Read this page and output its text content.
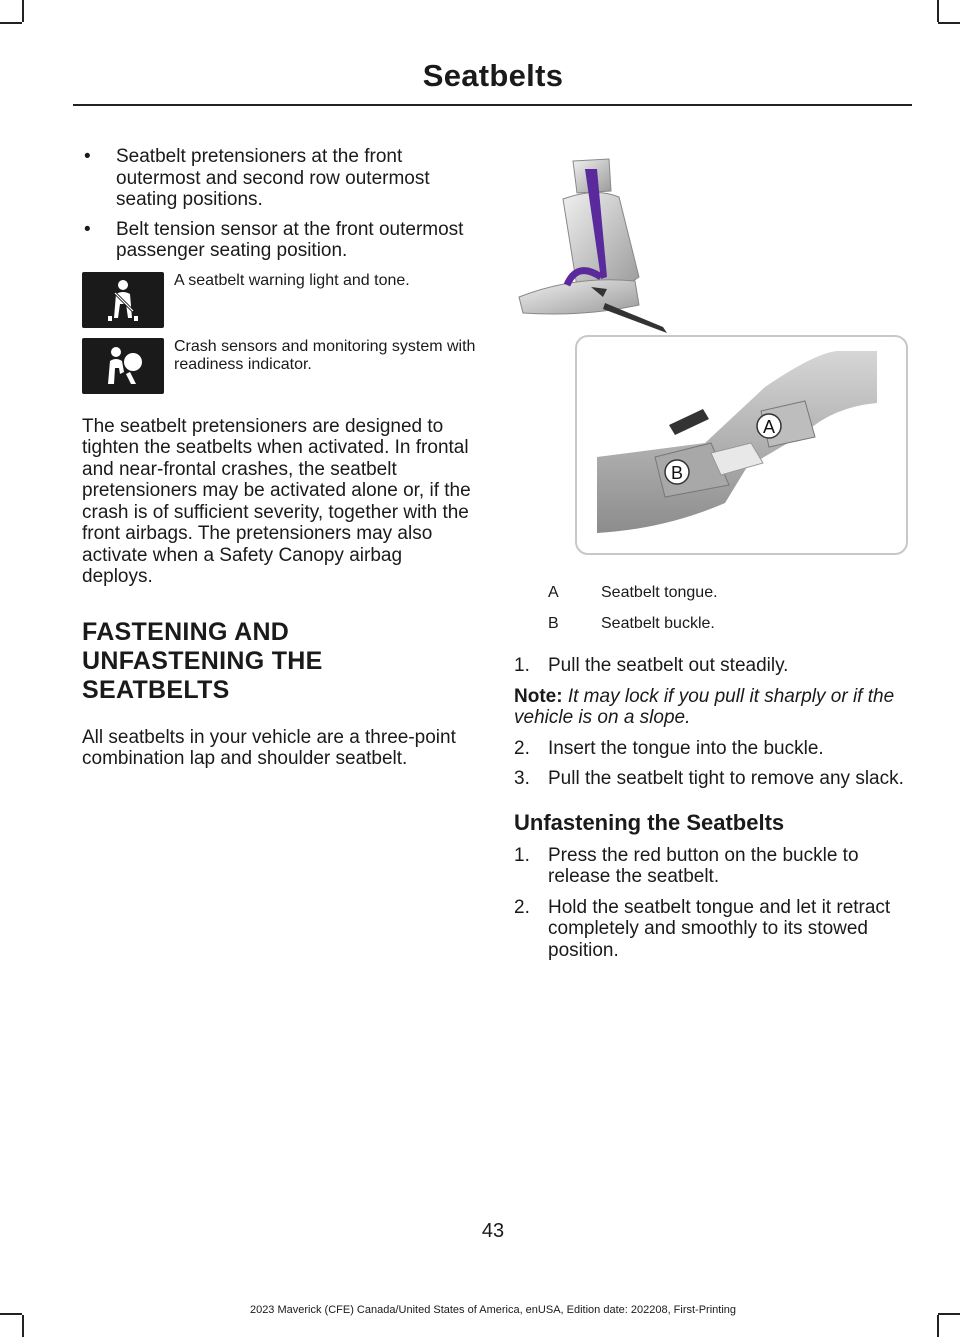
Seatbelts
• Seatbelt pretensioners at the front outermost and second row outermost seating positions.
• Belt tension sensor at the front outermost passenger seating position.
A seatbelt warning light and tone.
Crash sensors and monitoring system with readiness indicator.

The seatbelt pretensioners are designed to tighten the seatbelts when activated. In frontal and near-frontal crashes, the seatbelt pretensioners may be activated alone or, if the crash is of sufficient severity, together with the front airbags. The pretensioners may also activate when a Safety Canopy airbag deploys.

FASTENING AND
UNFASTENING THE
SEATBELTS

All seatbelts in your vehicle are a three-point combination lap and shoulder seatbelt.

A
B
A	Seatbelt tongue.
B	Seatbelt buckle.
1. Pull the seatbelt out steadily.

Note: It may lock if you pull it sharply or if the vehicle is on a slope.

2. Insert the tongue into the buckle.
3. Pull the seatbelt tight to remove any slack.
Unfastening the Seatbelts
1. Press the red button on the buckle to release the seatbelt.
2. Hold the seatbelt tongue and let it retract completely and smoothly to its stowed position.
43
2023 Maverick (CFE) Canada/United States of America, enUSA, Edition date: 202208, First-Printing
